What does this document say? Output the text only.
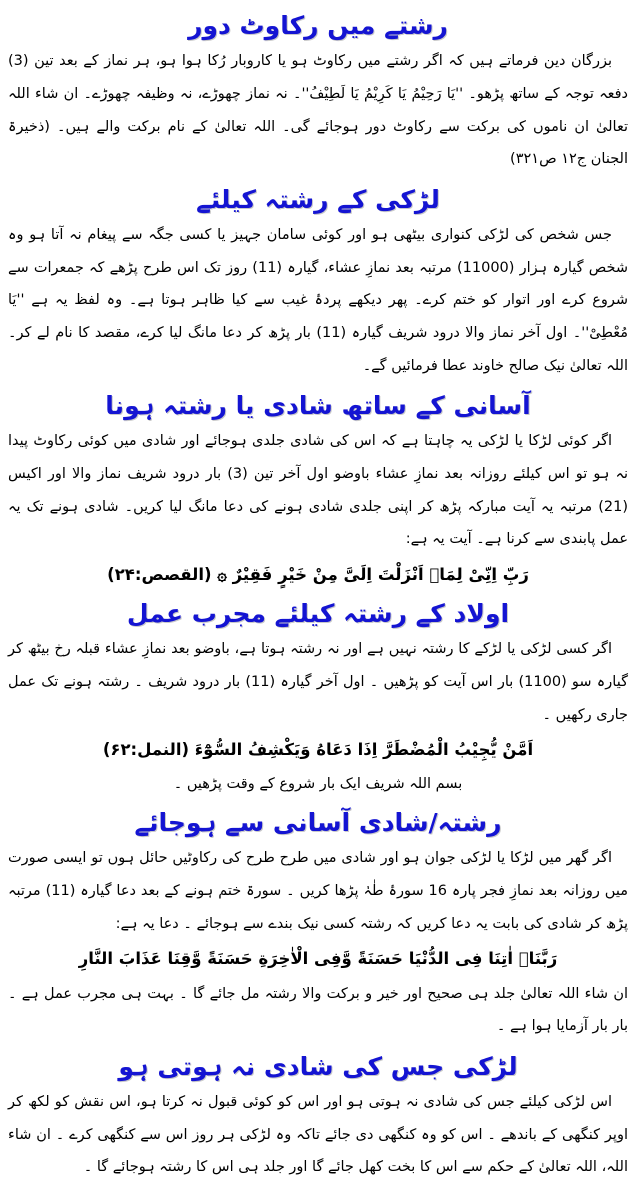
رشتے میں رکاوٹ دور

بزرگان دین فرماتے ہیں کہ اگر رشتے میں رکاوٹ ہو یا کاروبار رُکا ہوا ہو، ہر نماز کے بعد تین (3) دفعہ توجہ کے ساتھ پڑھو۔ ''یَا رَحِیْمُ یَا کَرِیْمُ یَا لَطِیْفُ''۔ نہ نماز چھوڑے، نہ وظیفہ چھوڑے۔ ان شاء اللہ تعالیٰ ان ناموں کی برکت سے رکاوٹ دور ہوجائے گی۔ اللہ تعالیٰ کے نام برکت والے ہیں۔ (ذخیرۃ الجنان ج۱۲ ص۳۲۱)

لڑکی کے رشتہ کیلئے

جس شخص کی لڑکی کنواری بیٹھی ہو اور کوئی سامان جہیز یا کسی جگہ سے پیغام نہ آتا ہو وہ شخص گیارہ ہزار (11000) مرتبہ بعد نمازِ عشاء، گیارہ (11) روز تک اس طرح پڑھے کہ جمعرات سے شروع کرے اور اتوار کو ختم کرے۔ پھر دیکھے پردۂ غیب سے کیا ظاہر ہوتا ہے۔ وہ لفظ یہ ہے ''یَا مُعْطِیْ''۔ اول آخر نماز والا درود شریف گیارہ (11) بار پڑھ کر دعا مانگ لیا کرے، مقصد کا نام لے کر۔ اللہ تعالیٰ نیک صالح خاوند عطا فرمائیں گے۔

آسانی کے ساتھ شادی یا رشتہ ہونا

اگر کوئی لڑکا یا لڑکی یہ چاہتا ہے کہ اس کی شادی جلدی ہوجائے اور شادی میں کوئی رکاوٹ پیدا نہ ہو تو اس کیلئے روزانہ بعد نمازِ عشاء باوضو اول آخر تین (3) بار درود شریف نماز والا اور اکیس (21) مرتبہ یہ آیت مبارکہ پڑھ کر اپنی جلدی شادی ہونے کی دعا مانگ لیا کریں۔ شادی ہونے تک یہ عمل پابندی سے کرنا ہے۔ آیت یہ ہے:

رَبِّ اِنِّیْ لِمَاۤ اَنْزَلْتَ اِلَیَّ مِنْ خَیْرٍ فَقِیْرٌ ۞ (القصص:۲۴)

اولاد کے رشتہ کیلئے مجرب عمل

اگر کسی لڑکی یا لڑکے کا رشتہ نہیں ہے اور نہ رشتہ ہوتا ہے، باوضو بعد نمازِ عشاء قبلہ رخ بیٹھ کر گیارہ سو (1100) بار اس آیت کو پڑھیں ۔ اول آخر گیارہ (11) بار درود شریف ۔ رشتہ ہونے تک عمل جاری رکھیں ۔

اَمَّنْ یُّجِیْبُ الْمُضْطَرَّ اِذَا دَعَاهُ وَیَکْشِفُ السُّوْٓءَ (النمل:۶۲)

بسم اللہ شریف ایک بار شروع کے وقت پڑھیں ۔

رشتہ/شادی آسانی سے ہوجائے

اگر گھر میں لڑکا یا لڑکی جوان ہو اور شادی میں طرح طرح کی رکاوٹیں حائل ہوں تو ایسی صورت میں روزانہ بعد نمازِ فجر پارہ 16 سورۂ طٰہٰ پڑھا کریں ۔ سورۃ ختم ہونے کے بعد دعا گیارہ (11) مرتبہ پڑھ کر شادی کی بابت یہ دعا کریں کہ رشتہ کسی نیک بندے سے ہوجائے ۔ دعا یہ ہے:

رَبَّنَاۤ اٰتِنَا فِی الدُّنْیَا حَسَنَةً وَّفِی الْاٰخِرَةِ حَسَنَةً وَّقِنَا عَذَابَ النَّارِ

ان شاء اللہ تعالیٰ جلد ہی صحیح اور خیر و برکت والا رشتہ مل جائے گا ۔ بہت ہی مجرب عمل ہے ۔ بار بار آزمایا ہوا ہے ۔

لڑکی جس کی شادی نہ ہوتی ہو

اس لڑکی کیلئے جس کی شادی نہ ہوتی ہو اور اس کو کوئی قبول نہ کرتا ہو، اس نقش کو لکھ کر اوپر کنگھی کے باندھے ۔ اس کو وہ کنگھی دی جائے تاکہ وہ لڑکی ہر روز اس سے کنگھی کرے ۔ ان شاء اللہ، اللہ تعالیٰ کے حکم سے اس کا بخت کھل جائے گا اور جلد ہی اس کا رشتہ ہوجائے گا ۔
